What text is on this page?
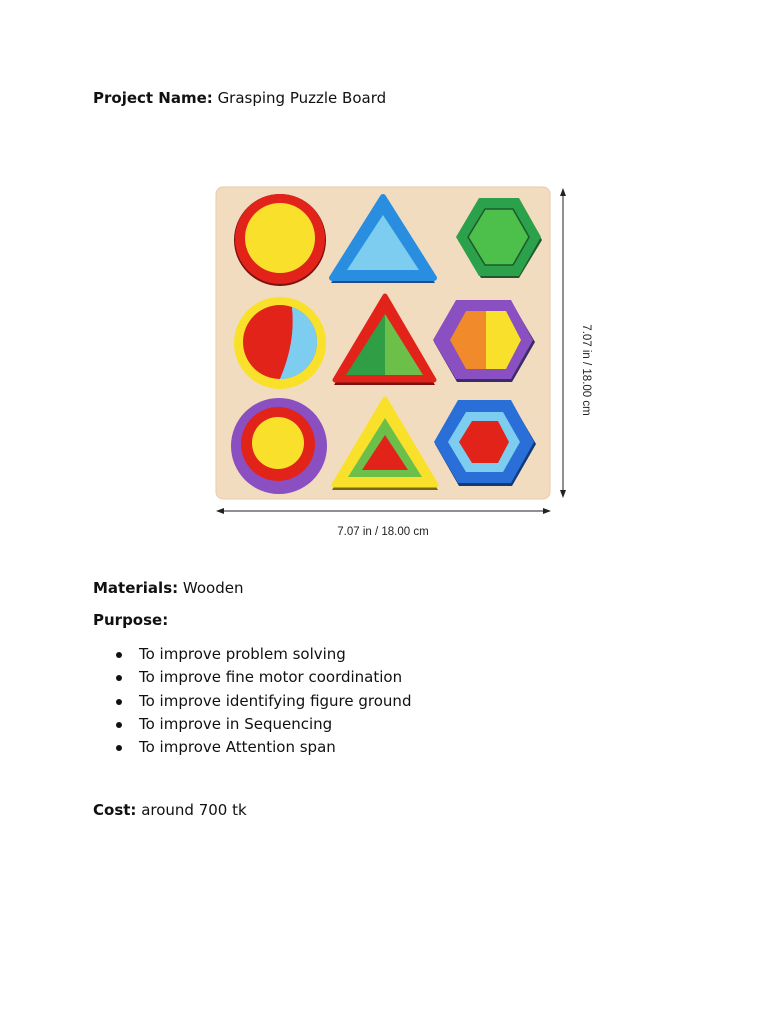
Project Name: Grasping Puzzle Board
7.07 in / 18.00 cm
7.07 in / 18.00 cm
Materials: Wooden
Purpose:
To improve problem solving
To improve fine motor coordination
To improve identifying figure ground
To improve in Sequencing
To improve Attention span
Cost: around 700 tk
